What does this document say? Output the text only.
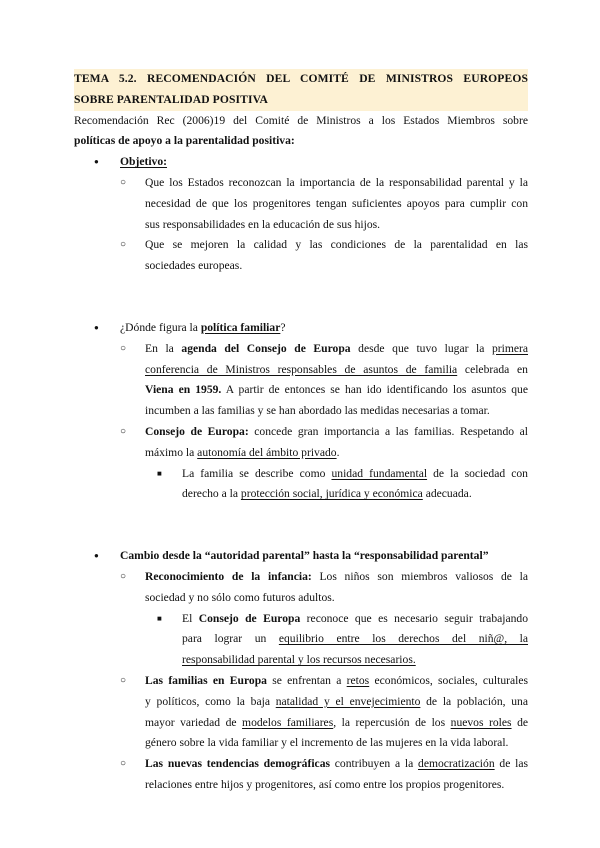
TEMA 5.2. RECOMENDACIÓN DEL COMITÉ DE MINISTROS EUROPEOS
SOBRE PARENTALIDAD POSITIVA
Recomendación Rec (2006)19 del Comité de Ministros a los Estados Miembros sobre
políticas de apoyo a la parentalidad positiva:
● Objetivo:
○ Que los Estados reconozcan la importancia de la responsabilidad parental y la
necesidad de que los progenitores tengan suficientes apoyos para cumplir con
sus responsabilidades en la educación de sus hijos.
○ Que se mejoren la calidad y las condiciones de la parentalidad en las
sociedades europeas.
● ¿Dónde figura la política familiar?
○ En la agenda del Consejo de Europa desde que tuvo lugar la primera
conferencia de Ministros responsables de asuntos de familia celebrada en
Viena en 1959. A partir de entonces se han ido identificando los asuntos que
incumben a las familias y se han abordado las medidas necesarias a tomar.
○ Consejo de Europa: concede gran importancia a las familias. Respetando al
máximo la autonomía del ámbito privado.
■ La familia se describe como unidad fundamental de la sociedad con
derecho a la protección social, jurídica y económica adecuada.
● Cambio desde la “autoridad parental” hasta la “responsabilidad parental”
○ Reconocimiento de la infancia: Los niños son miembros valiosos de la
sociedad y no sólo como futuros adultos.
■ El Consejo de Europa reconoce que es necesario seguir trabajando
para lograr un equilibrio entre los derechos del niñ@, la
responsabilidad parental y los recursos necesarios.
○ Las familias en Europa se enfrentan a retos económicos, sociales, culturales
y políticos, como la baja natalidad y el envejecimiento de la población, una
mayor variedad de modelos familiares, la repercusión de los nuevos roles de
género sobre la vida familiar y el incremento de las mujeres en la vida laboral.
○ Las nuevas tendencias demográficas contribuyen a la democratización de las
relaciones entre hijos y progenitores, así como entre los propios progenitores.
